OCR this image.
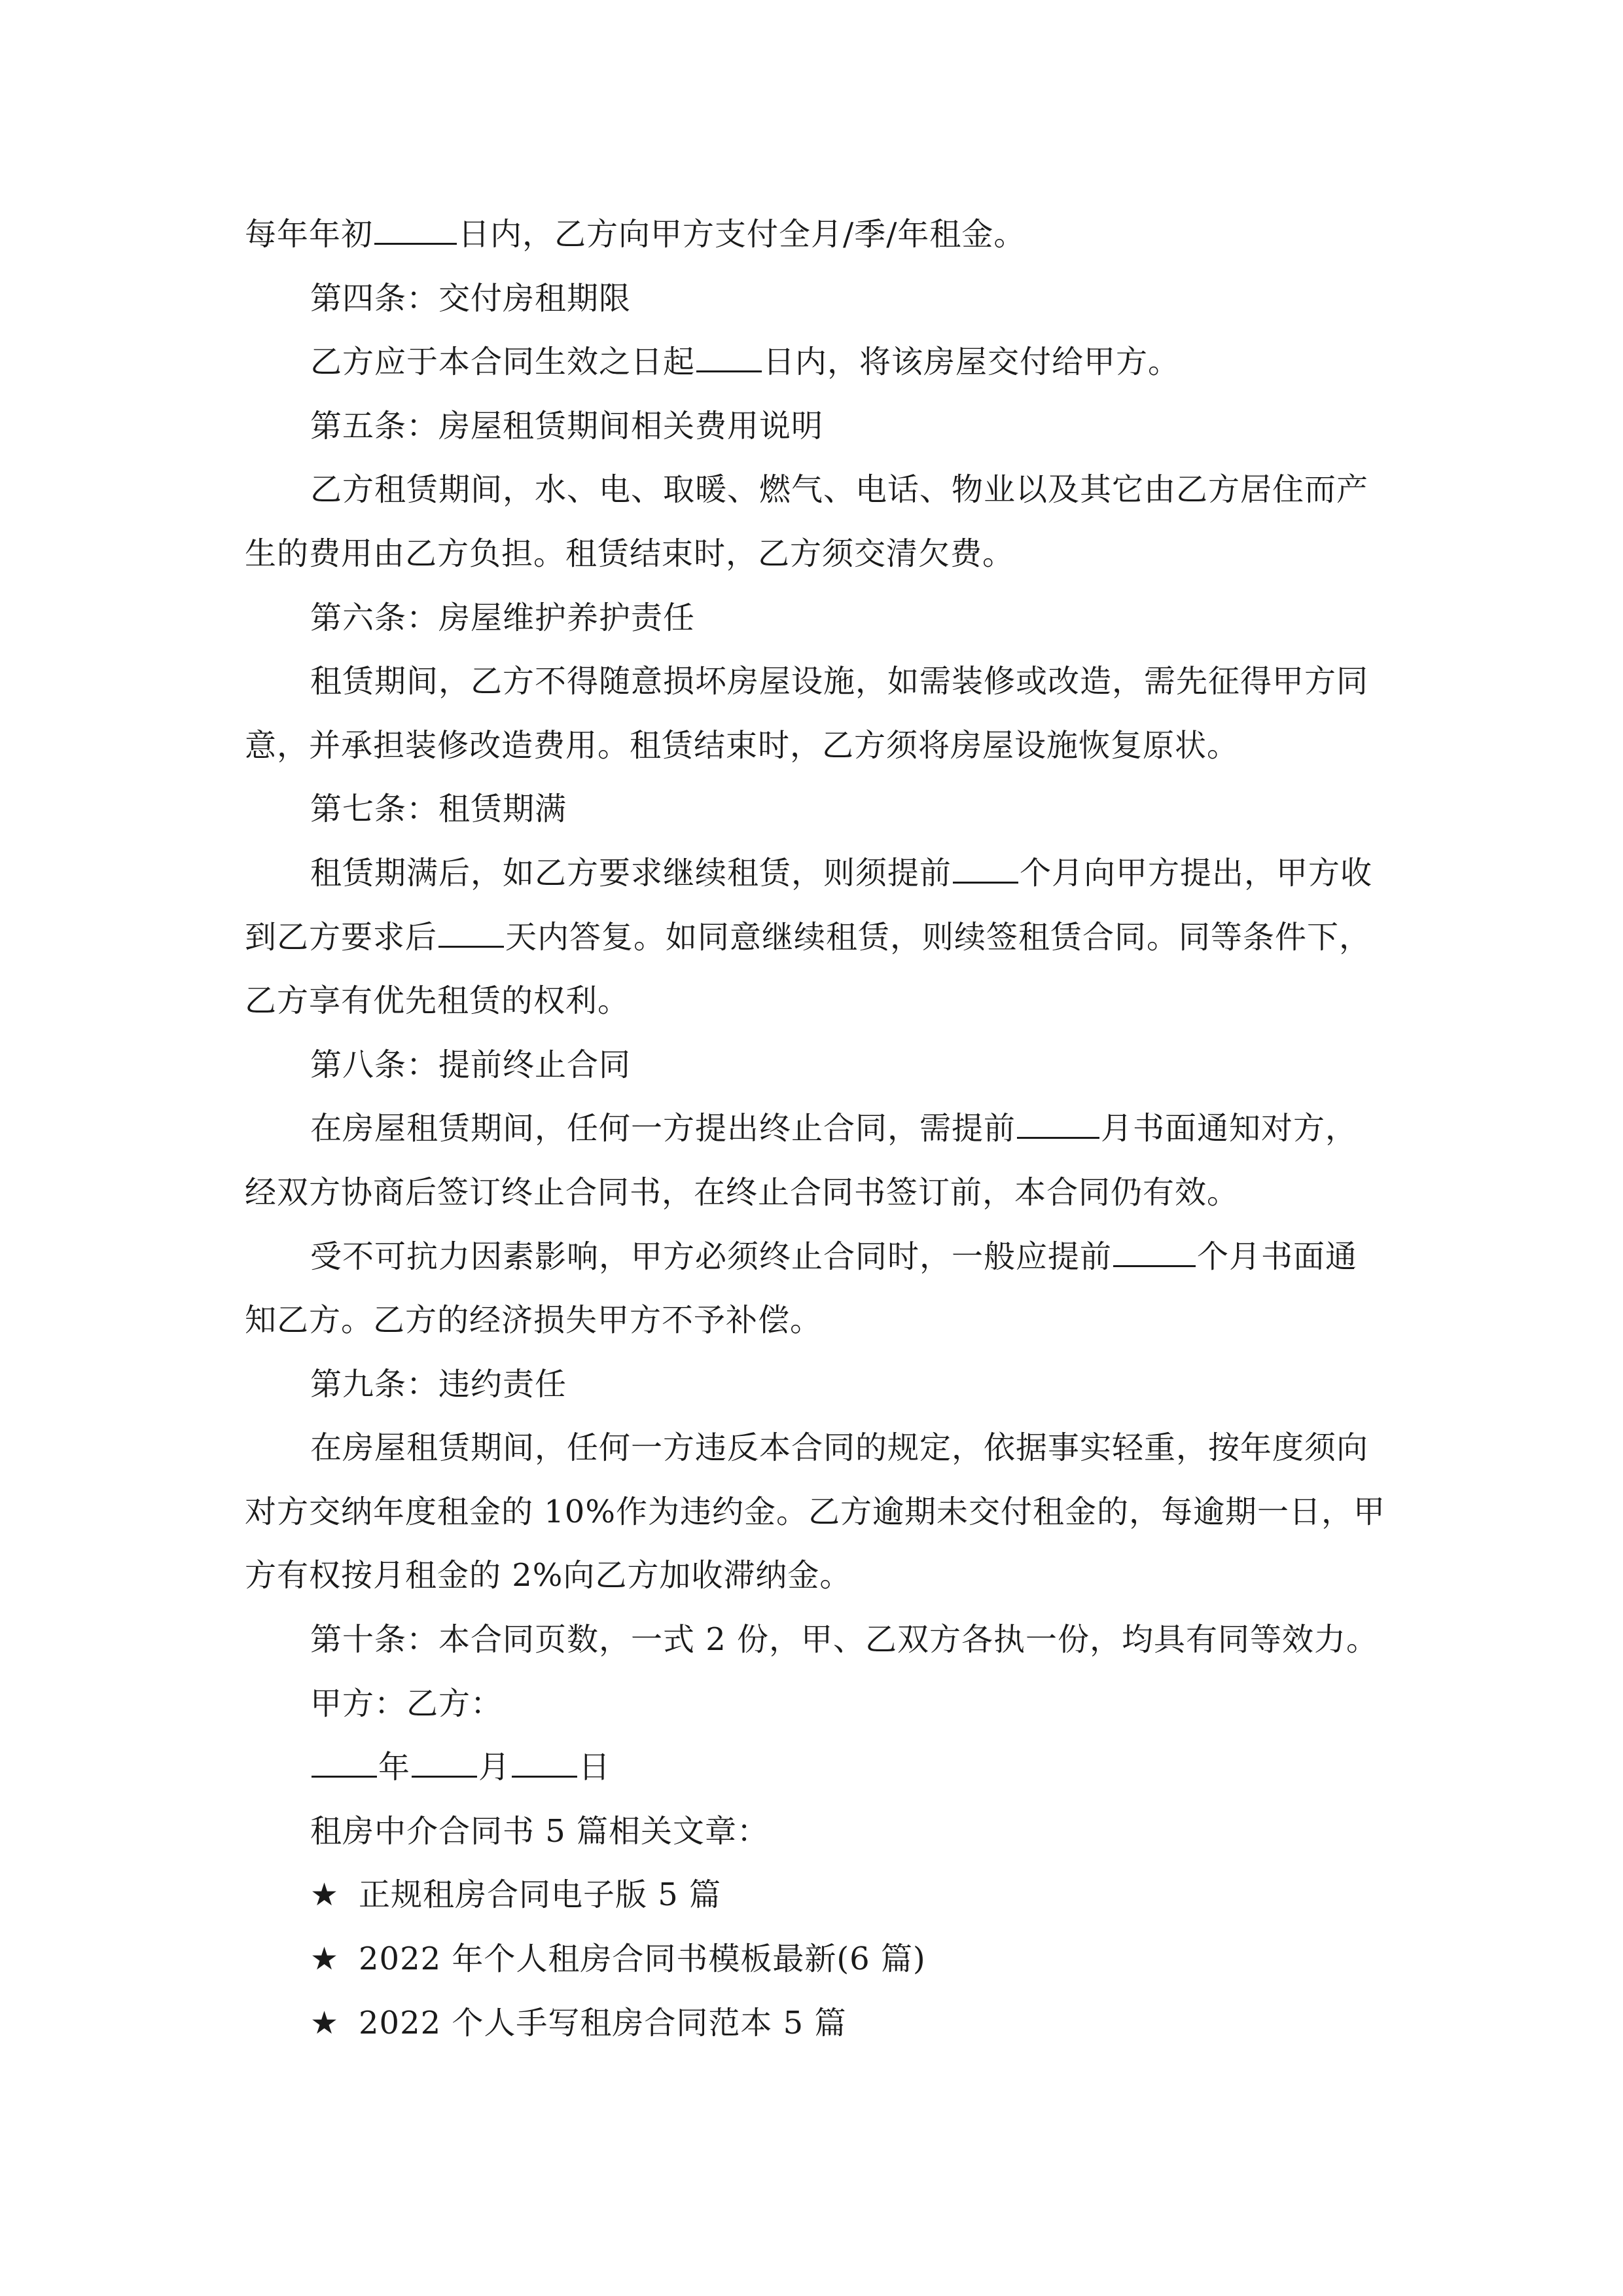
每年年初	日内，乙方向甲方支付全月/季/年租金。
第四条：交付房租期限
乙方应于本合同生效之日起 日内，将该房屋交付给甲方。
第五条：房屋租赁期间相关费用说明
乙方租赁期间，水、电、取暖、燃气、电话、物业以及其它由乙方居住而产
生的费用由乙方负担。租赁结束时，乙方须交清欠费。
第六条：房屋维护养护责任
租赁期间，乙方不得随意损坏房屋设施，如需装修或改造，需先征得甲方同
意，并承担装修改造费用。租赁结束时，乙方须将房屋设施恢复原状。
第七条：租赁期满
租赁期满后，如乙方要求继续租赁，则须提前 个月向甲方提出，甲方收
到乙方要求后 天内答复。如同意继续租赁，则续签租赁合同。同等条件下，
乙方享有优先租赁的权利。
第八条：提前终止合同
在房屋租赁期间，任何一方提出终止合同，需提前	月书面通知对方，
经双方协商后签订终止合同书，在终止合同书签订前，本合同仍有效。
受不可抗力因素影响，甲方必须终止合同时，一般应提前	个月书面通
知乙方。乙方的经济损失甲方不予补偿。
第九条：违约责任
在房屋租赁期间，任何一方违反本合同的规定，依据事实轻重，按年度须向
对方交纳年度租金的 10%作为违约金。乙方逾期未交付租金的，每逾期一日，甲
方有权按月租金的 2%向乙方加收滞纳金。
第十条：本合同页数，一式 2 份，甲、乙双方各执一份，均具有同等效力。
甲方：乙方：
年 月 日
租房中介合同书 5 篇相关文章：
★ 正规租房合同电子版 5 篇
★ 2022 年个人租房合同书模板最新(6 篇)
★ 2022 个人手写租房合同范本 5 篇
